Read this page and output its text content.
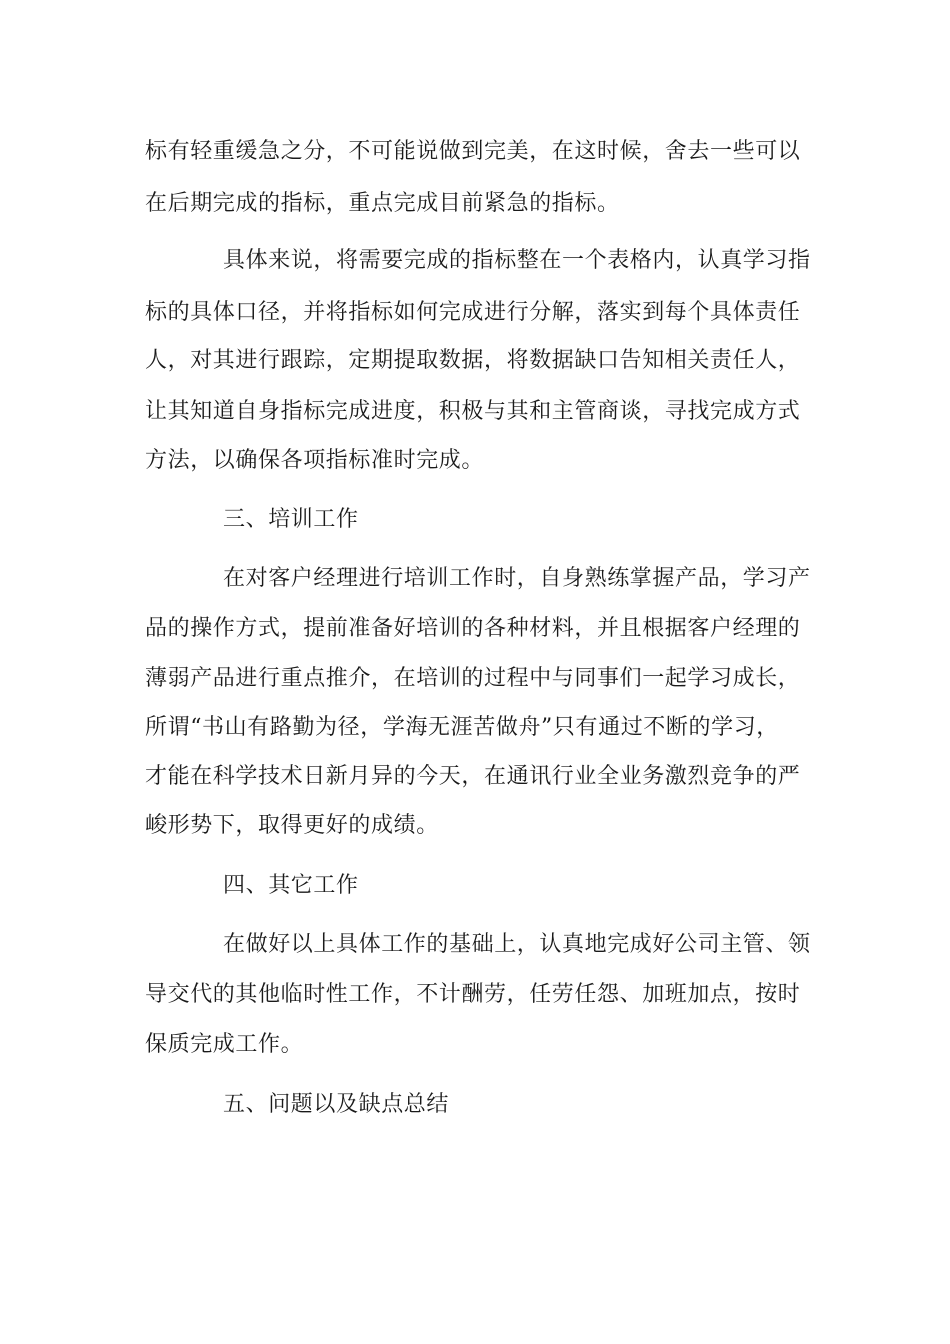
标有轻重缓急之分，不可能说做到完美，在这时候，舍去一些可以
在后期完成的指标，重点完成目前紧急的指标。
具体来说，将需要完成的指标整在一个表格内，认真学习指
标的具体口径，并将指标如何完成进行分解，落实到每个具体责任
人，对其进行跟踪，定期提取数据，将数据缺口告知相关责任人，
让其知道自身指标完成进度，积极与其和主管商谈，寻找完成方式
方法，以确保各项指标准时完成。
三、培训工作
在对客户经理进行培训工作时，自身熟练掌握产品，学习产
品的操作方式，提前准备好培训的各种材料，并且根据客户经理的
薄弱产品进行重点推介，在培训的过程中与同事们一起学习成长，
所谓“书山有路勤为径，学海无涯苦做舟”只有通过不断的学习，
才能在科学技术日新月异的今天，在通讯行业全业务激烈竞争的严
峻形势下，取得更好的成绩。
四、其它工作
在做好以上具体工作的基础上，认真地完成好公司主管、领
导交代的其他临时性工作，不计酬劳，任劳任怨、加班加点，按时
保质完成工作。
五、问题以及缺点总结
